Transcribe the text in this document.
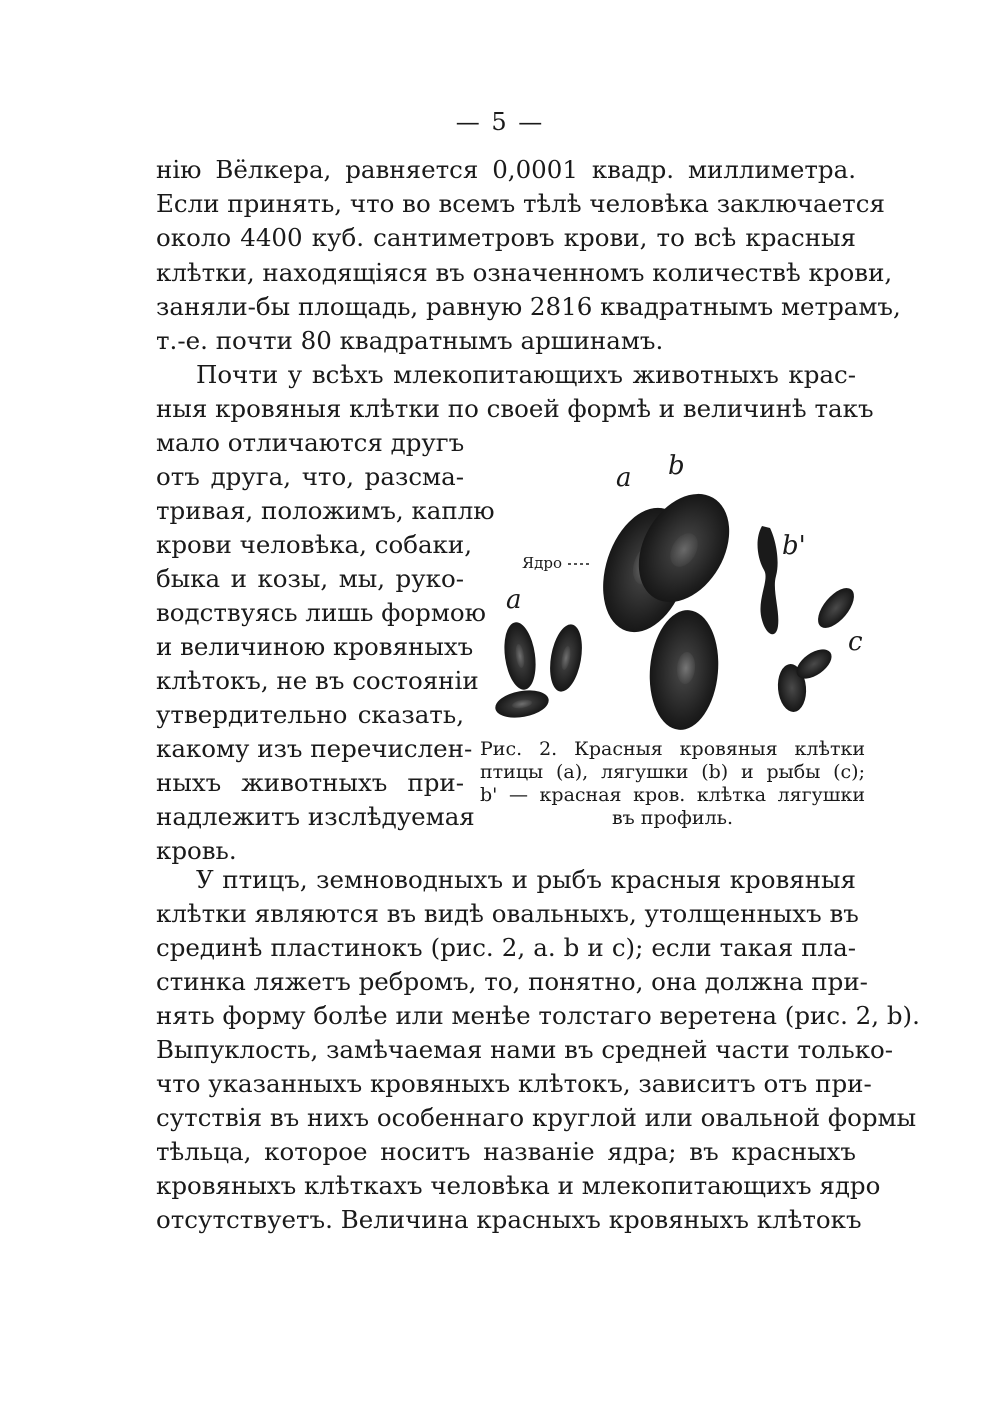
— 5 —
нію Вёлкера, равняется 0,0001 квадр. миллиметра.
Если принять, что во всемъ тѣлѣ человѣка заключается
около 4400 куб. сантиметровъ крови, то всѣ красныя
клѣтки, находящіяся въ означенномъ количествѣ крови,
заняли-бы площадь, равную 2816 квадратнымъ метрамъ,
т.-е. почти 80 квадратнымъ аршинамъ.
Почти у всѣхъ млекопитающихъ животныхъ крас-
ныя кровяныя клѣтки по своей формѣ и величинѣ такъ
мало отличаются другъ
отъ друга, что, разсма-
тривая, положимъ, каплю
крови человѣка, собаки,
быка и козы, мы, руко-
водствуясь лишь формою
и величиною кровяныхъ
клѣтокъ, не въ состояніи
утвердительно сказать,
какому изъ перечислен-
ныхъ животныхъ при-
надлежитъ изслѣдуемая
кровь.
a b
b'
a
c
Ядро
Рис. 2. Красныя кровяныя клѣтки
птицы (a), лягушки (b) и рыбы (c);
b' — красная кров. клѣтка лягушки
въ профиль.
У птицъ, земноводныхъ и рыбъ красныя кровяныя
клѣтки являются въ видѣ овальныхъ, утолщенныхъ въ
срединѣ пластинокъ (рис. 2, a. b и c); если такая пла-
стинка ляжетъ ребромъ, то, понятно, она должна при-
нять форму болѣе или менѣе толстаго веретена (рис. 2, b).
Выпуклость, замѣчаемая нами въ средней части только-
что указанныхъ кровяныхъ клѣтокъ, зависитъ отъ при-
сутствія въ нихъ особеннаго круглой или овальной формы
тѣльца, которое носитъ названіе ядра; въ красныхъ
кровяныхъ клѣткахъ человѣка и млекопитающихъ ядро
отсутствуетъ. Величина красныхъ кровяныхъ клѣтокъ
